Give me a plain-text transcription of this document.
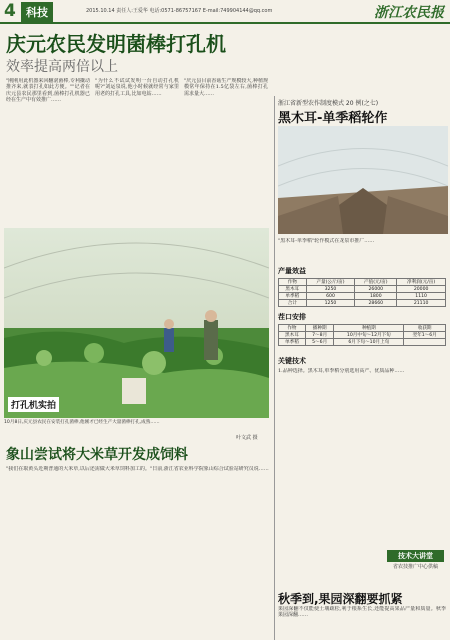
4 科技	2015.10.14 责任人:王爱华 电话:0571-86757167 E-mail:749904144@qq.com	浙江农民报
庆元农民发明菌棒打孔机
效率提高两倍以上
"刚刚用此机器来回翻滚菌棒,专利撬动推齐来,就表打孔如此方便。""记者在庆元县农民那里看到,菌棒打孔机器已经在生产中有效推广……
"为什么不试试发明一台自动打孔机呢?"刘运泉说,他小时候就经常与家里用老的打孔工具,比如电钻……
"庆元县目前香菇生产规模较大,种植规模常年保持在1.5亿袋左右,菌棒打孔需求量大……
打孔机实拍
10月8日,庆元县农民在安装打孔菌棒,他刚才已经生产大量菌棒打孔,成熟……
叶文武 摄
象山尝试将大米草开发成饲料
"我们在取黄头近期普通的大米草,以后还需做大米草饲料加工的。"日前,浙江省农业科学院象山综合试验站研究员说……
浙江省新型农作制度模式 20 例(之七)
黑木耳-单季稻轮作
"黑木耳-单季稻"轮作模式在龙泉市推广……
产量效益
作物	产量(公斤/亩)	产值(元/亩)	净利润(元/亩)
黑木耳	3250	26000	20000
单季稻	600	1800	1110
合计	1250	28660	21110
茬口安排
作物	播种期	种植期	收获期
黑木耳	7～8月	10月中旬～12月下旬	翌年1～6月
单季稻	5～6月	6月下旬～10月上旬	
关键技术
1.品种选择。黑木耳,单季稻分别选用高产、优质品种……
技术大讲堂
省农技推广中心供稿
秋季到,果园深翻要抓紧
果园深翻不仅能使土壤疏松,利于根系生长,还能提高果品产量和质量。秋季果园深翻……
